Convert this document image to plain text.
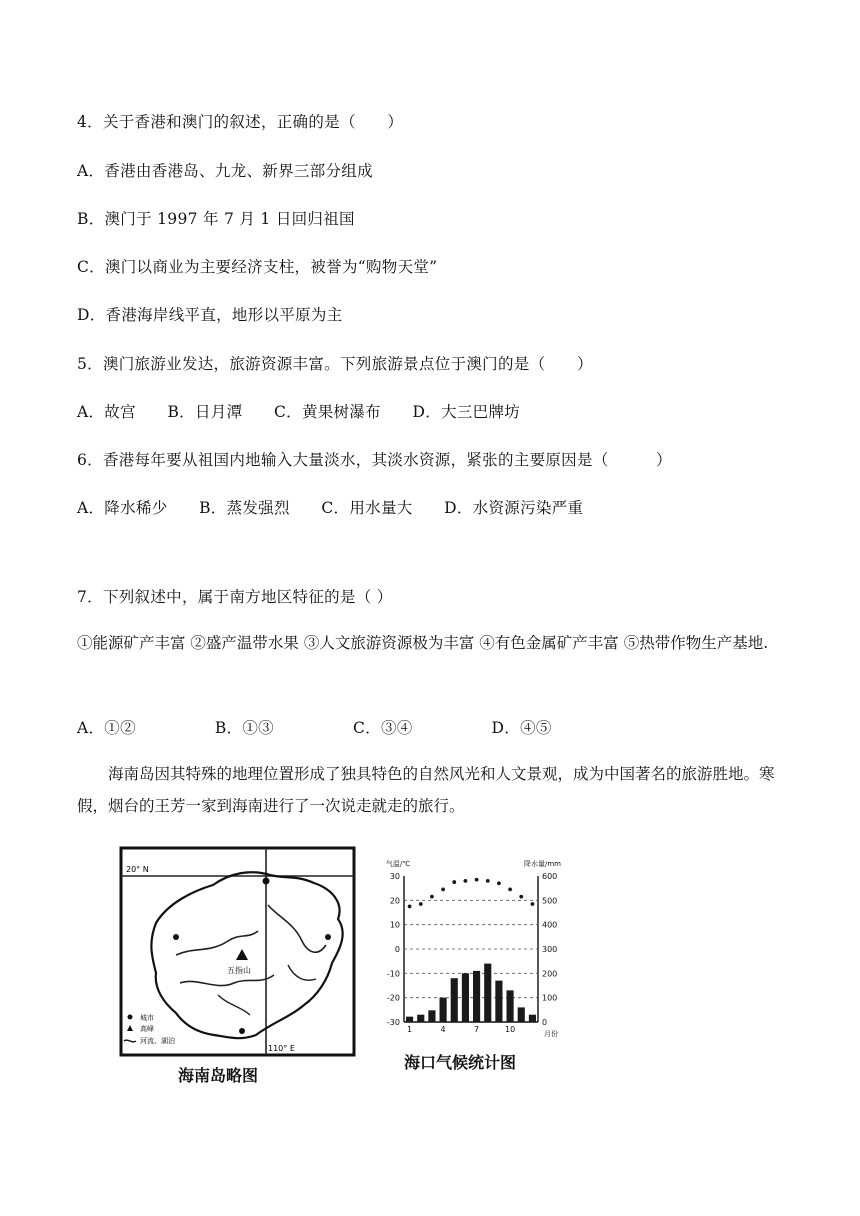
4．关于香港和澳门的叙述，正确的是（　　）
A．香港由香港岛、九龙、新界三部分组成
B．澳门于 1997 年 7 月 1 日回归祖国
C．澳门以商业为主要经济支柱，被誉为“购物天堂”
D．香港海岸线平直，地形以平原为主
5．澳门旅游业发达，旅游资源丰富。下列旅游景点位于澳门的是（　　）
A．故宫　　B．日月潭　　C．黄果树瀑布　　D．大三巴牌坊
6．香港每年要从祖国内地输入大量淡水，其淡水资源，紧张的主要原因是（　　　）
A．降水稀少　　B．蒸发强烈　　C．用水量大　　D．水资源污染严重
7．下列叙述中，属于南方地区特征的是（ ）
①能源矿产丰富 ②盛产温带水果 ③人文旅游资源极为丰富 ④有色金属矿产丰富 ⑤热带作物生产基地.
A．①②　　　　　B．①③　　　　　C．③④　　　　　D．④⑤
　　海南岛因其特殊的地理位置形成了独具特色的自然风光和人文景观，成为中国著名的旅游胜地。寒假，烟台的王芳一家到海南进行了一次说走就走的旅行。
20° N
110° E
五指山
城市
高峰
河流、湖泊
海南岛略图
30
20
10
0
-10
-20
-30
600
500
400
300
200
100
0
气温/℃	降水量/mm
1	4	7	10	月份
海口气候统计图
